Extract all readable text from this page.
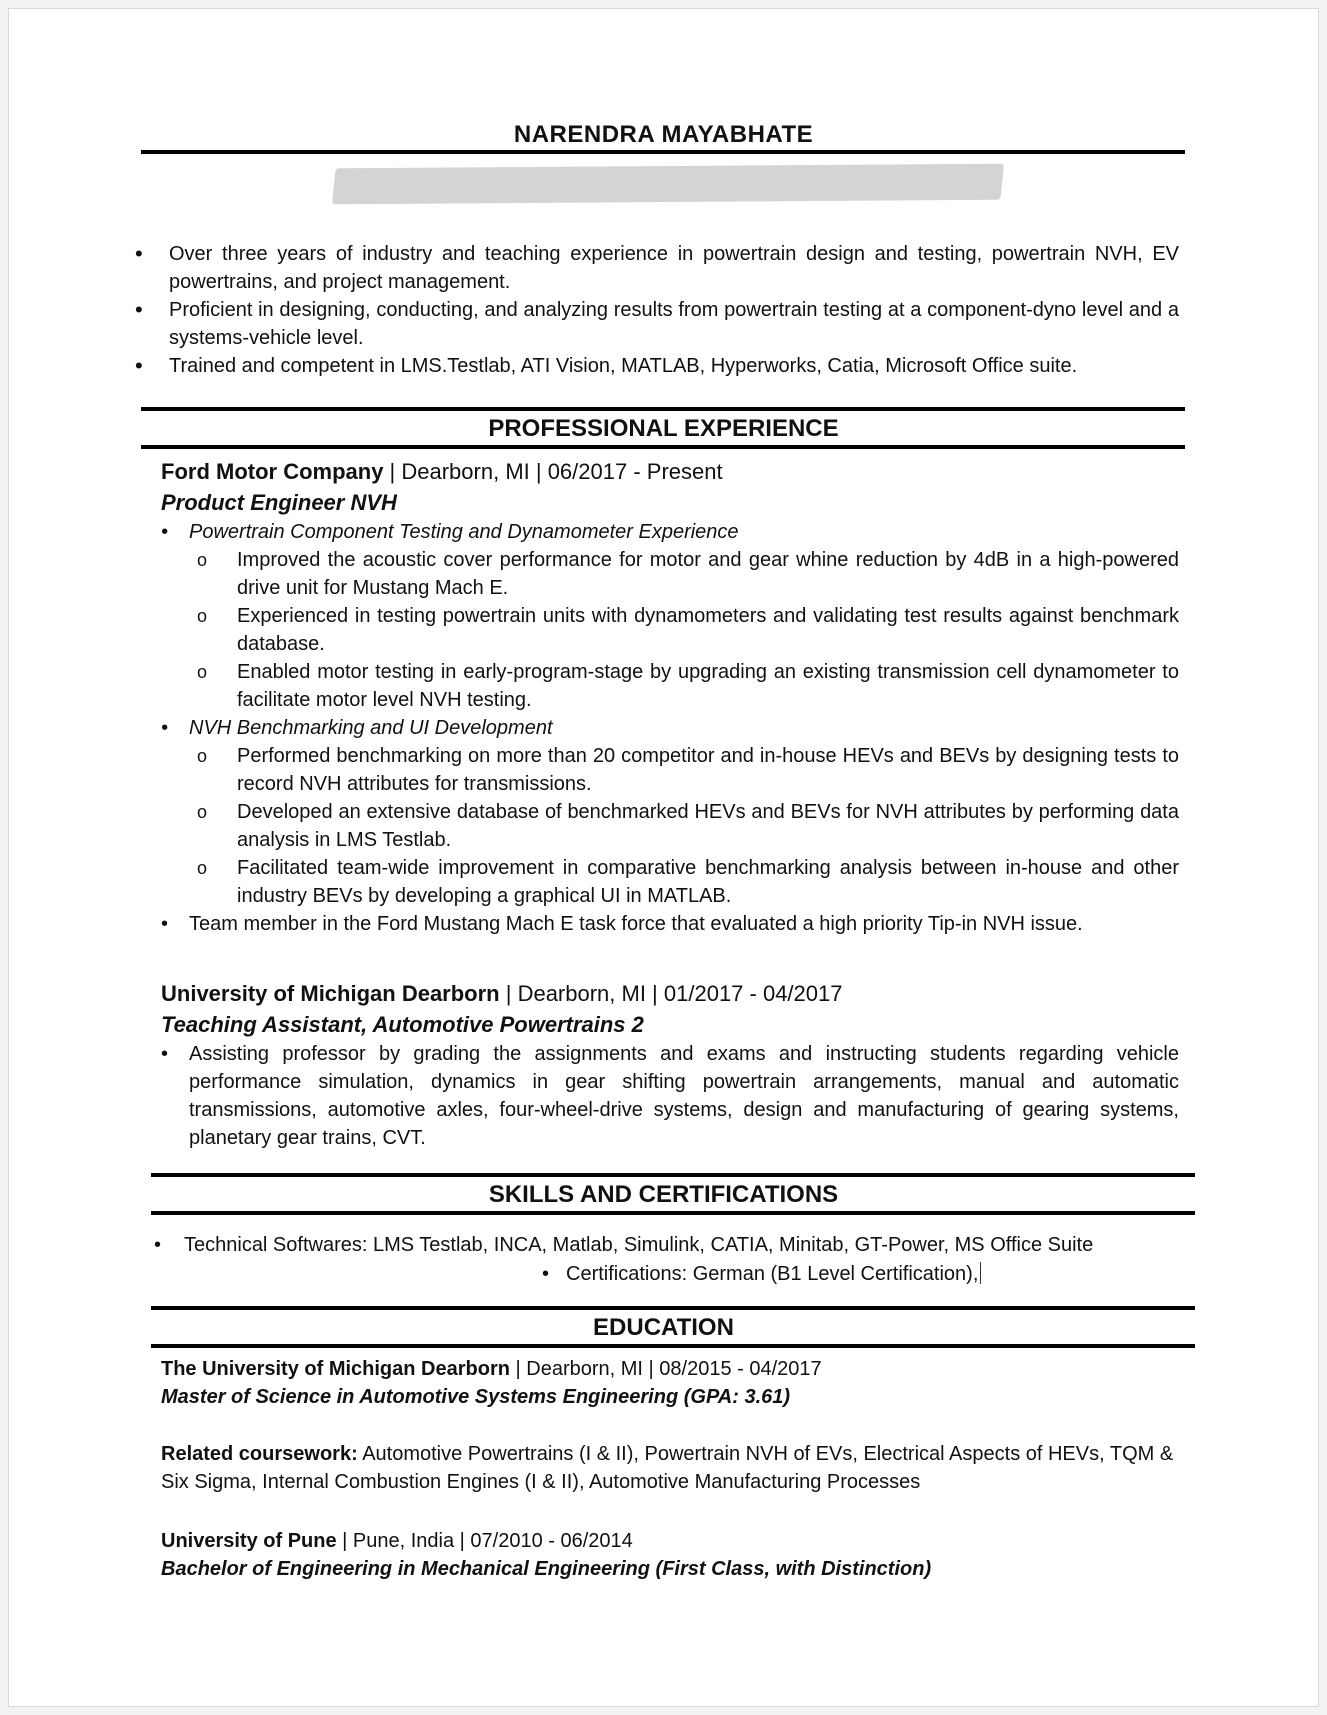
NARENDRA MAYABHATE
• Over three years of industry and teaching experience in powertrain design and testing, powertrain NVH, EV powertrains, and project management.
• Proficient in designing, conducting, and analyzing results from powertrain testing at a component-dyno level and a systems-vehicle level.
• Trained and competent in LMS.Testlab, ATI Vision, MATLAB, Hyperworks, Catia, Microsoft Office suite.
PROFESSIONAL EXPERIENCE
Ford Motor Company | Dearborn, MI | 06/2017 - Present
Product Engineer NVH
• Powertrain Component Testing and Dynamometer Experience
o Improved the acoustic cover performance for motor and gear whine reduction by 4dB in a high-powered drive unit for Mustang Mach E.
o Experienced in testing powertrain units with dynamometers and validating test results against benchmark database.
o Enabled motor testing in early-program-stage by upgrading an existing transmission cell dynamometer to facilitate motor level NVH testing.
• NVH Benchmarking and UI Development
o Performed benchmarking on more than 20 competitor and in-house HEVs and BEVs by designing tests to record NVH attributes for transmissions.
o Developed an extensive database of benchmarked HEVs and BEVs for NVH attributes by performing data analysis in LMS Testlab.
o Facilitated team-wide improvement in comparative benchmarking analysis between in-house and other industry BEVs by developing a graphical UI in MATLAB.
• Team member in the Ford Mustang Mach E task force that evaluated a high priority Tip-in NVH issue.
University of Michigan Dearborn | Dearborn, MI | 01/2017 - 04/2017
Teaching Assistant, Automotive Powertrains 2
• Assisting professor by grading the assignments and exams and instructing students regarding vehicle performance simulation, dynamics in gear shifting powertrain arrangements, manual and automatic transmissions, automotive axles, four-wheel-drive systems, design and manufacturing of gearing systems, planetary gear trains, CVT.
SKILLS AND CERTIFICATIONS
• Technical Softwares: LMS Testlab, INCA, Matlab, Simulink, CATIA, Minitab, GT-Power, MS Office Suite
• Certifications: German (B1 Level Certification),
EDUCATION
The University of Michigan Dearborn | Dearborn, MI | 08/2015 - 04/2017
Master of Science in Automotive Systems Engineering (GPA: 3.61)
Related coursework: Automotive Powertrains (I & II), Powertrain NVH of EVs, Electrical Aspects of HEVs, TQM & Six Sigma, Internal Combustion Engines (I & II), Automotive Manufacturing Processes
University of Pune | Pune, India | 07/2010 - 06/2014
Bachelor of Engineering in Mechanical Engineering (First Class, with Distinction)
